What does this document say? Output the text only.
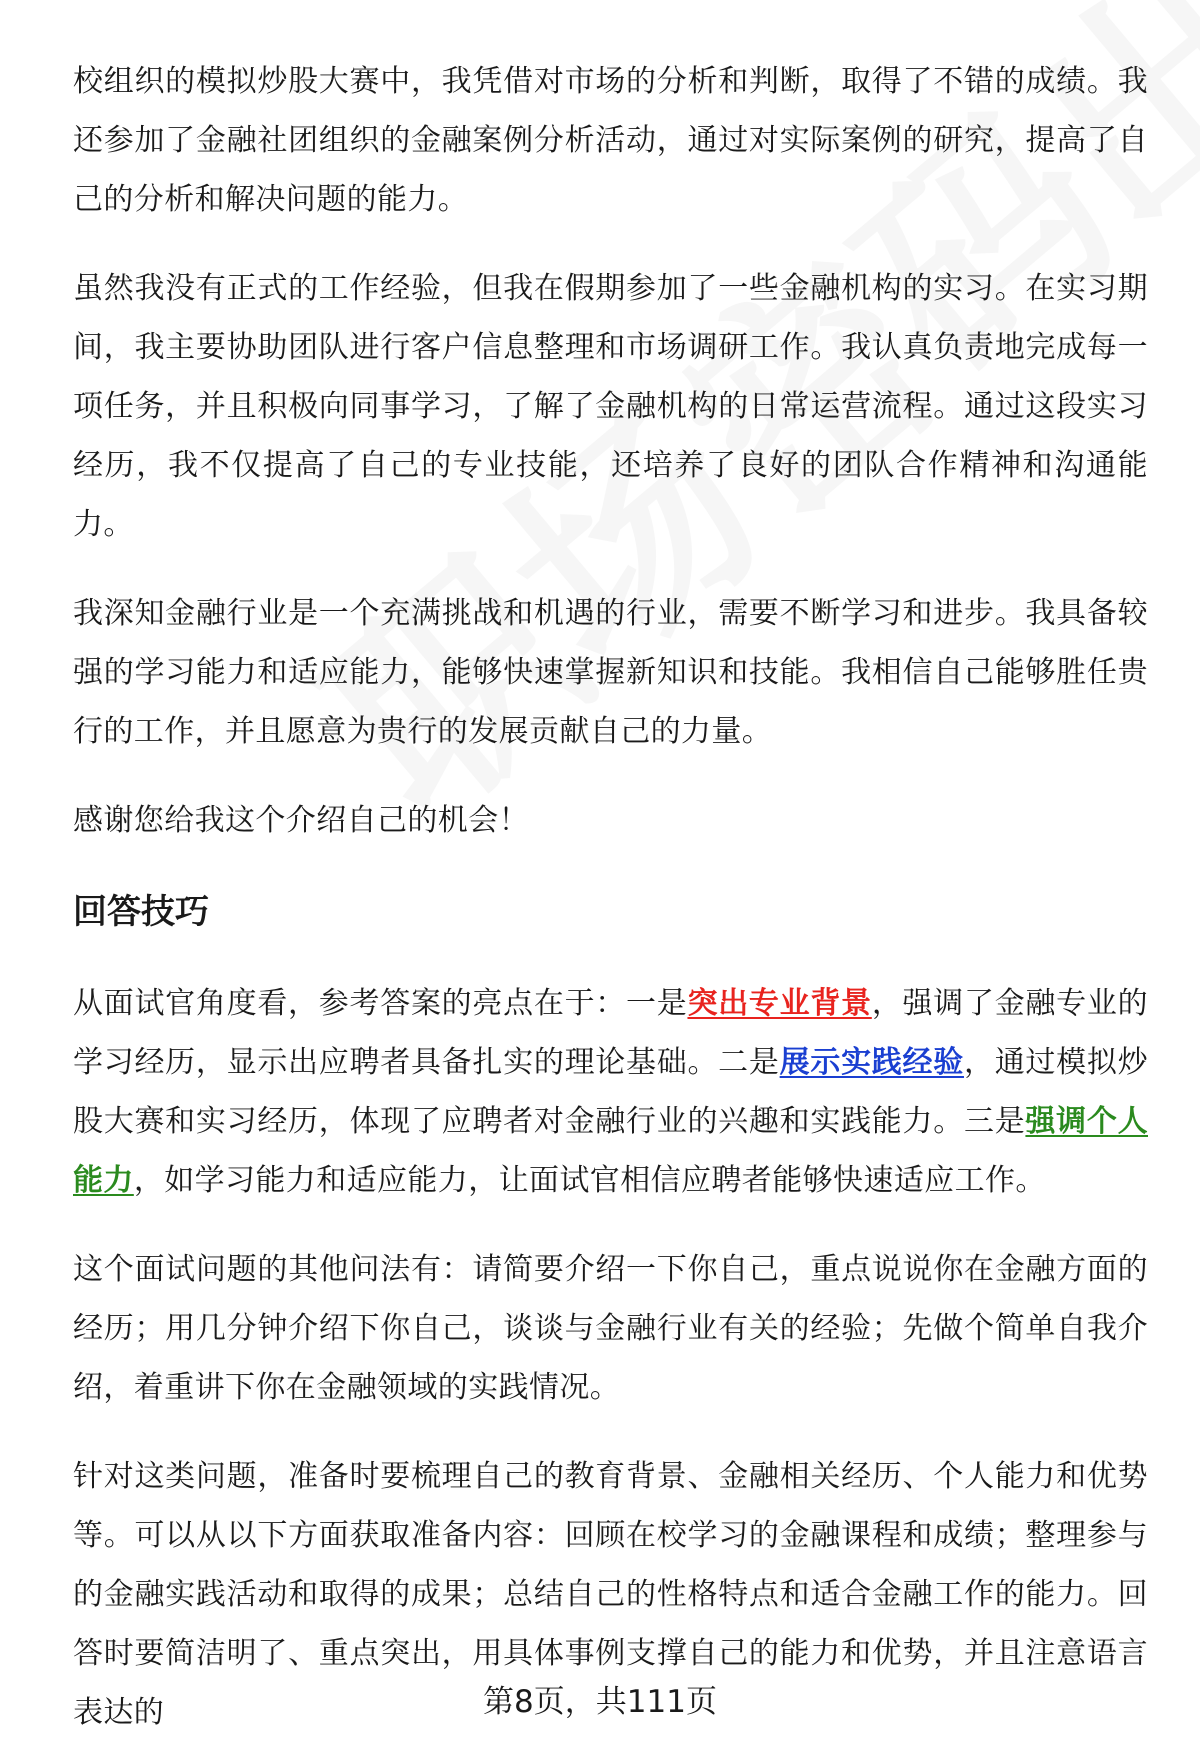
校组织的模拟炒股大赛中，我凭借对市场的分析和判断，取得了不错的成绩。我还参加了金融社团组织的金融案例分析活动，通过对实际案例的研究，提高了自己的分析和解决问题的能力。

虽然我没有正式的工作经验，但我在假期参加了一些金融机构的实习。在实习期间，我主要协助团队进行客户信息整理和市场调研工作。我认真负责地完成每一项任务，并且积极向同事学习，了解了金融机构的日常运营流程。通过这段实习经历，我不仅提高了自己的专业技能，还培养了良好的团队合作精神和沟通能力。

我深知金融行业是一个充满挑战和机遇的行业，需要不断学习和进步。我具备较强的学习能力和适应能力，能够快速掌握新知识和技能。我相信自己能够胜任贵行的工作，并且愿意为贵行的发展贡献自己的力量。

感谢您给我这个介绍自己的机会！

回答技巧

从面试官角度看，参考答案的亮点在于：一是突出专业背景，强调了金融专业的学习经历，显示出应聘者具备扎实的理论基础。二是展示实践经验，通过模拟炒股大赛和实习经历，体现了应聘者对金融行业的兴趣和实践能力。三是强调个人能力，如学习能力和适应能力，让面试官相信应聘者能够快速适应工作。

这个面试问题的其他问法有：请简要介绍一下你自己，重点说说你在金融方面的经历；用几分钟介绍下你自己，谈谈与金融行业有关的经验；先做个简单自我介绍，着重讲下你在金融领域的实践情况。

针对这类问题，准备时要梳理自己的教育背景、金融相关经历、个人能力和优势等。可以从以下方面获取准备内容：回顾在校学习的金融课程和成绩；整理参与的金融实践活动和取得的成果；总结自己的性格特点和适合金融工作的能力。回答时要简洁明了、重点突出，用具体事例支撑自己的能力和优势，并且注意语言表达的	第8页，共111页
